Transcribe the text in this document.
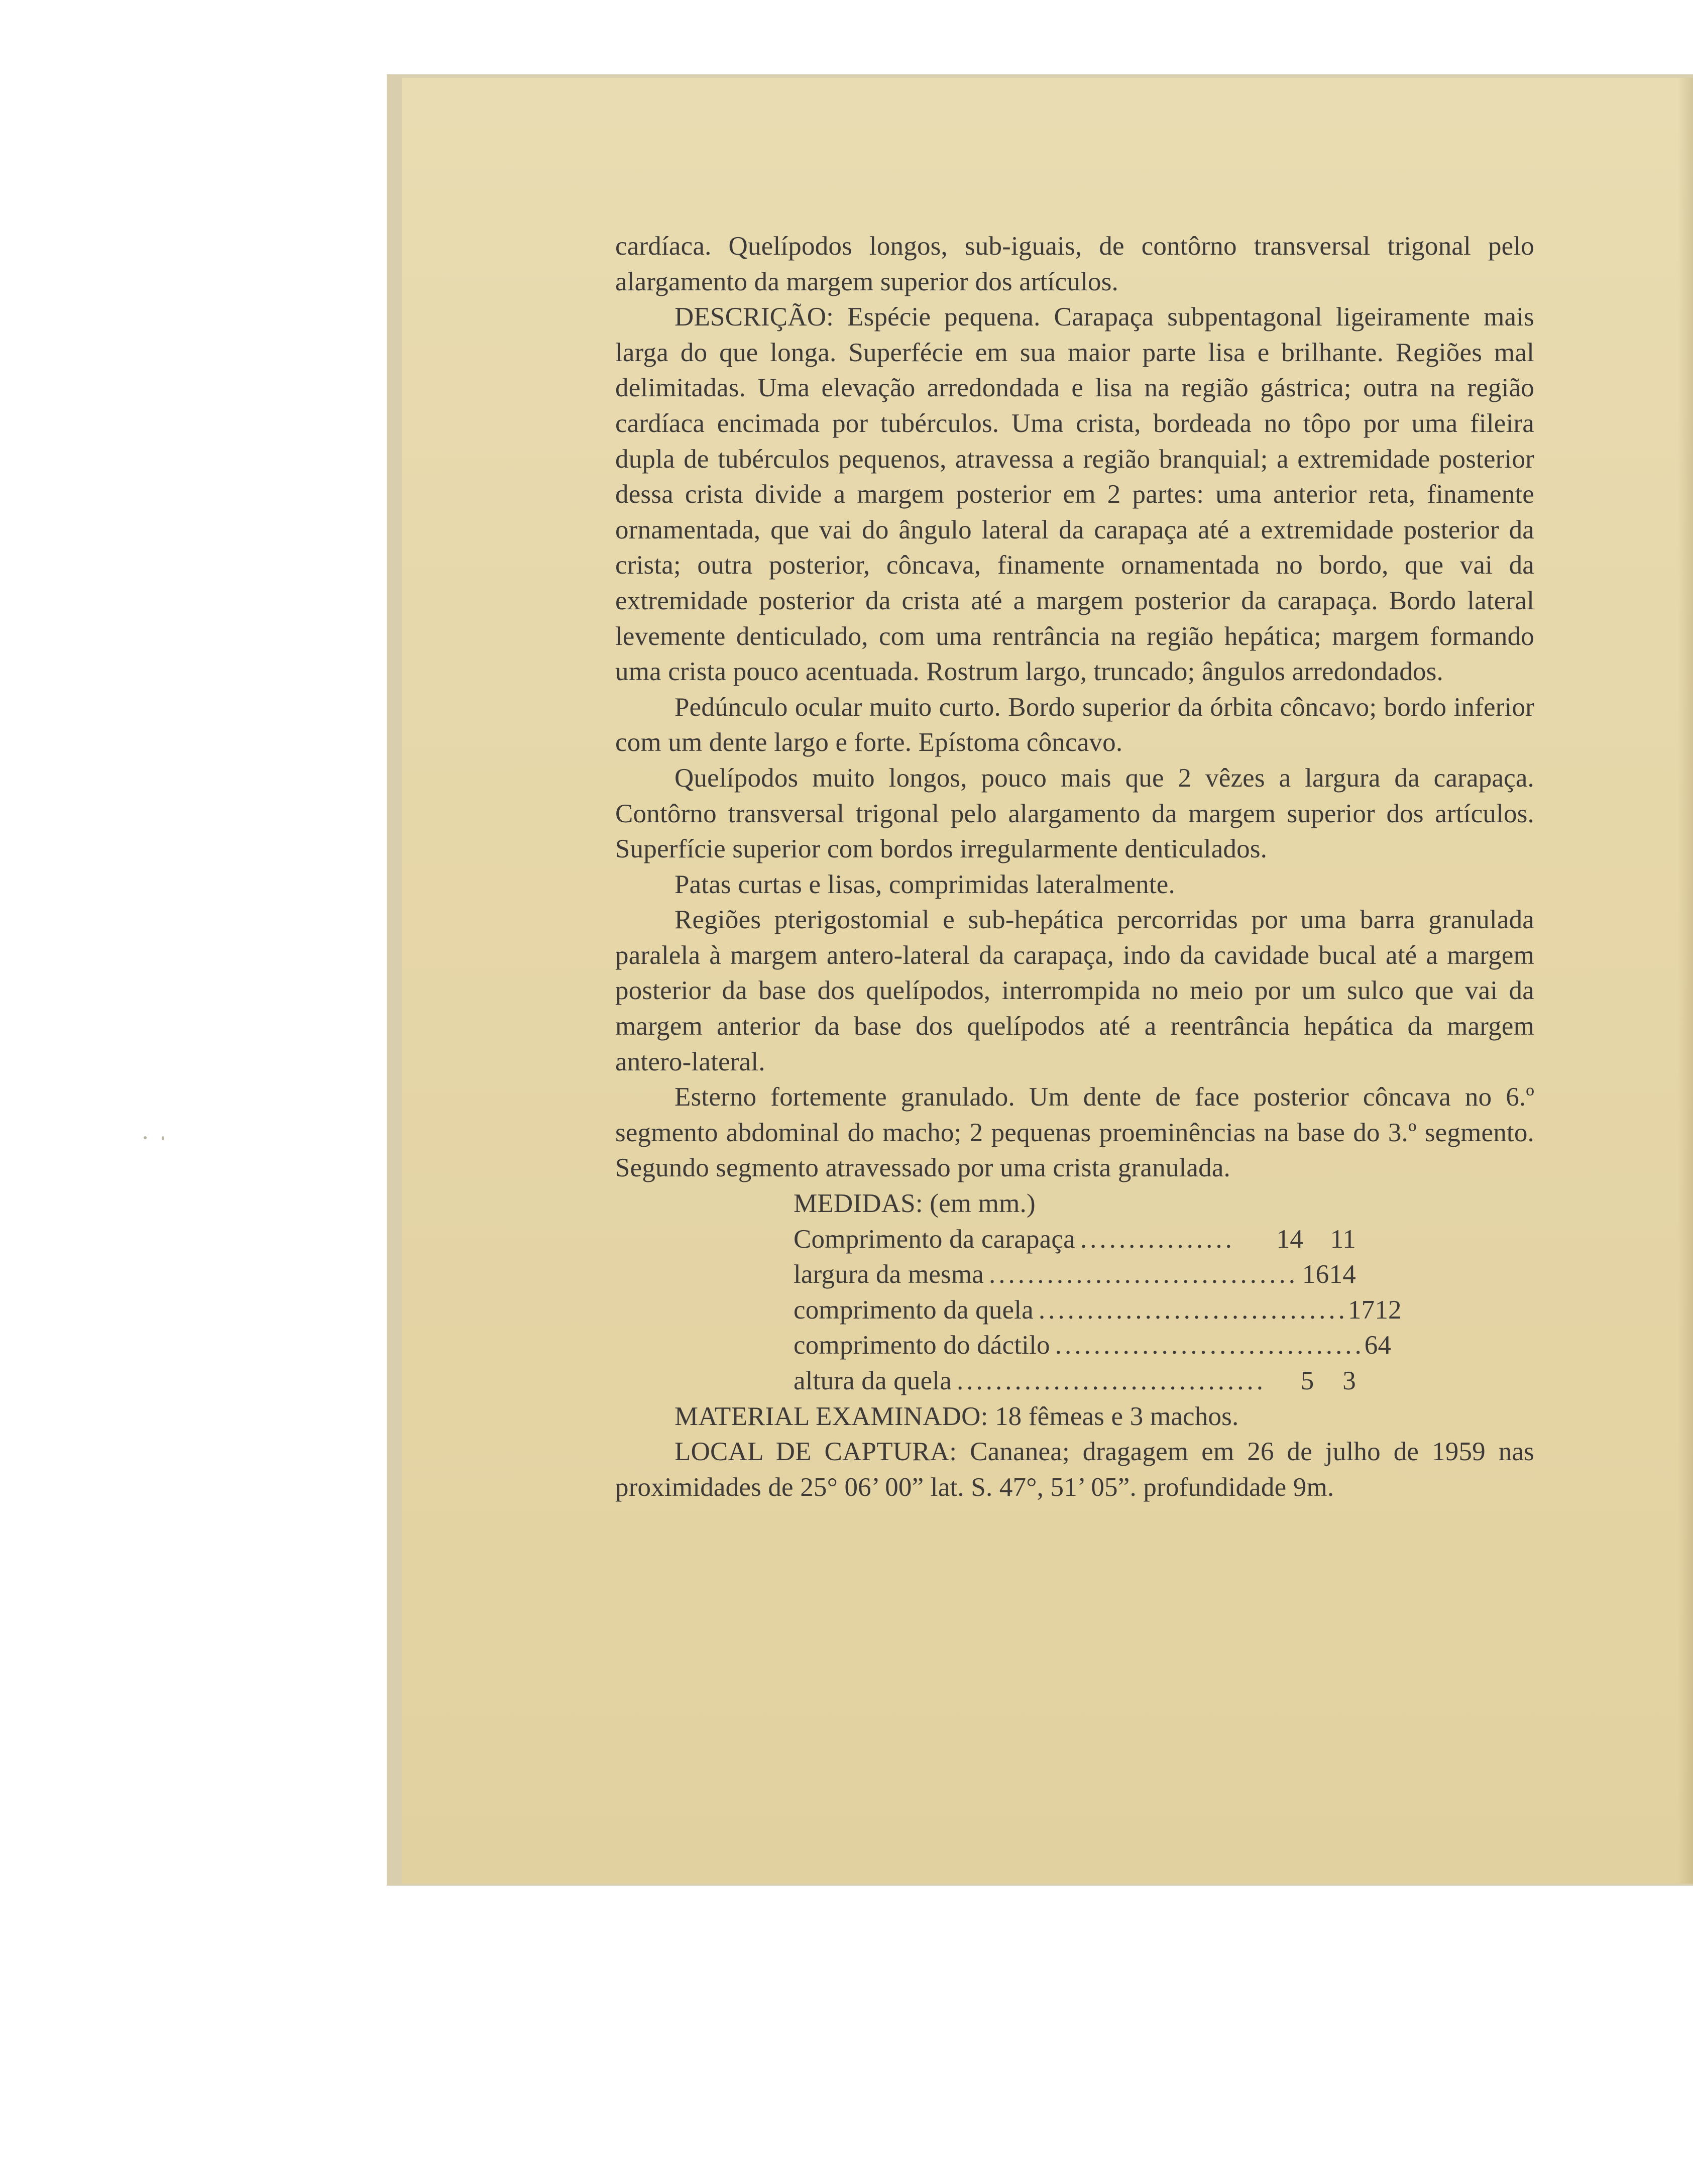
cardíaca. Quelípodos longos, sub-iguais, de contôrno transversal trigonal pelo alargamento da margem superior dos artículos.

DESCRIÇÃO: Espécie pequena. Carapaça subpentagonal ligeiramente mais larga do que longa. Superfécie em sua maior parte lisa e brilhante. Regiões mal delimitadas. Uma elevação arredondada e lisa na região gástrica; outra na região cardíaca encimada por tubérculos. Uma crista, bordeada no tôpo por uma fileira dupla de tubérculos pequenos, atravessa a região branquial; a extremidade posterior dessa crista divide a margem posterior em 2 partes: uma anterior reta, finamente ornamentada, que vai do ângulo lateral da carapaça até a extremidade posterior da crista; outra posterior, côncava, finamente ornamentada no bordo, que vai da extremidade posterior da crista até a margem posterior da carapaça. Bordo lateral levemente denticulado, com uma rentrância na região hepática; margem formando uma crista pouco acentuada. Rostrum largo, truncado; ângulos arredondados.

Pedúnculo ocular muito curto. Bordo superior da órbita côncavo; bordo inferior com um dente largo e forte. Epístoma côncavo.

Quelípodos muito longos, pouco mais que 2 vêzes a largura da carapaça. Contôrno transversal trigonal pelo alargamento da margem superior dos artículos. Superfície superior com bordos irregularmente denticulados.

Patas curtas e lisas, comprimidas lateralmente.

Regiões pterigostomial e sub-hepática percorridas por uma barra granulada paralela à margem antero-lateral da carapaça, indo da cavidade bucal até a margem posterior da base dos quelípodos, interrompida no meio por um sulco que vai da margem anterior da base dos quelípodos até a reentrância hepática da margem antero-lateral.

Esterno fortemente granulado. Um dente de face posterior côncava no 6.º segmento abdominal do macho; 2 pequenas proeminências na base do 3.º segmento. Segundo segmento atravessado por uma crista granulada.

MEDIDAS: (em mm.)
Comprimento da carapaça ................	14	11
largura da mesma ................................ 16 14
comprimento da quela ................................ 17 12
comprimento do dáctilo ................................ 6 4
altura da quela ................................	5	3

MATERIAL EXAMINADO: 18 fêmeas e 3 machos.

LOCAL DE CAPTURA: Cananea; dragagem em 26 de julho de 1959 nas proximidades de 25° 06’ 00” lat. S. 47°, 51’ 05”. profundidade 9m.
